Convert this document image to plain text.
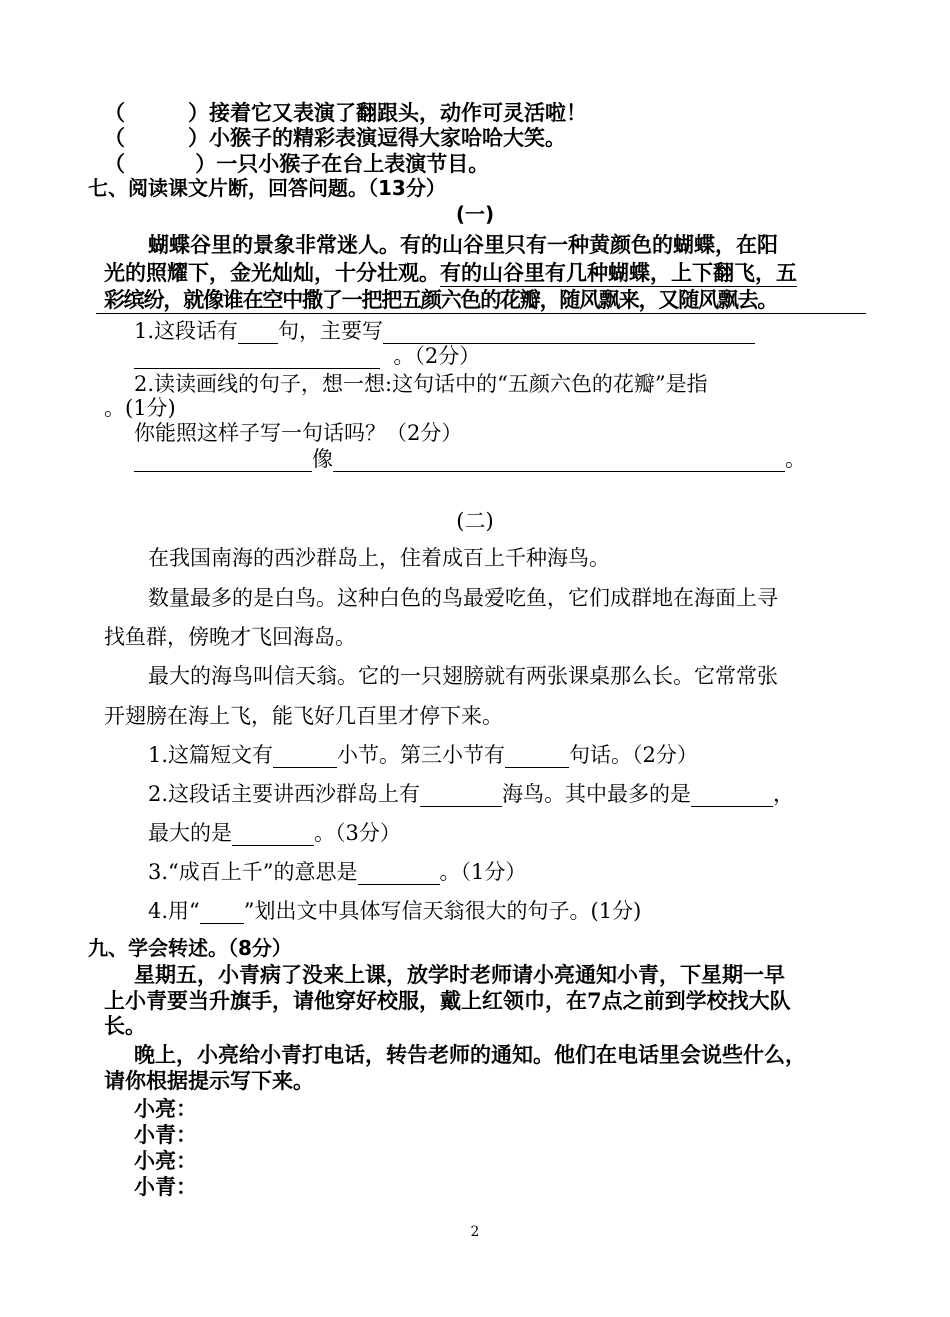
（　　　）接着它又表演了翻跟头，动作可灵活啦！
（　　　）小猴子的精彩表演逗得大家哈哈大笑。
（　　　 ）一只小猴子在台上表演节目。
七、阅读课文片断，回答问题。（13分）
(一)
蝴蝶谷里的景象非常迷人。有的山谷里只有一种黄颜色的蝴蝶，在阳
光的照耀下，金光灿灿，十分壮观。有的山谷里有几种蝴蝶，上下翻飞，五
彩缤纷，就像谁在空中撒了一把把五颜六色的花瓣，随风飘来，又随风飘去。
1.这段话有 句，主要写
。（2分）
2.读读画线的句子，想一想:这句话中的“五颜六色的花瓣”是指
。(1分)
你能照这样子写一句话吗？（2分）
像	。
(二)
在我国南海的西沙群岛上，住着成百上千种海鸟。
数量最多的是白鸟。这种白色的鸟最爱吃鱼，它们成群地在海面上寻
找鱼群，傍晚才飞回海岛。
最大的海鸟叫信天翁。它的一只翅膀就有两张课桌那么长。它常常张
开翅膀在海上飞，能飞好几百里才停下来。
1.这篇短文有	小节。第三小节有	句话。（2分）
2.这段话主要讲西沙群岛上有	海鸟。其中最多的是	，
最大的是	。（3分）
3.“成百上千”的意思是	。（1分）
4.用“ ”划出文中具体写信天翁很大的句子。(1分)
九、学会转述。（8分）
星期五，小青病了没来上课，放学时老师请小亮通知小青，下星期一早
上小青要当升旗手，请他穿好校服，戴上红领巾，在7点之前到学校找大队
长。
晚上，小亮给小青打电话，转告老师的通知。他们在电话里会说些什么，
请你根据提示写下来。
小亮：
小青：
小亮：
小青：
2
